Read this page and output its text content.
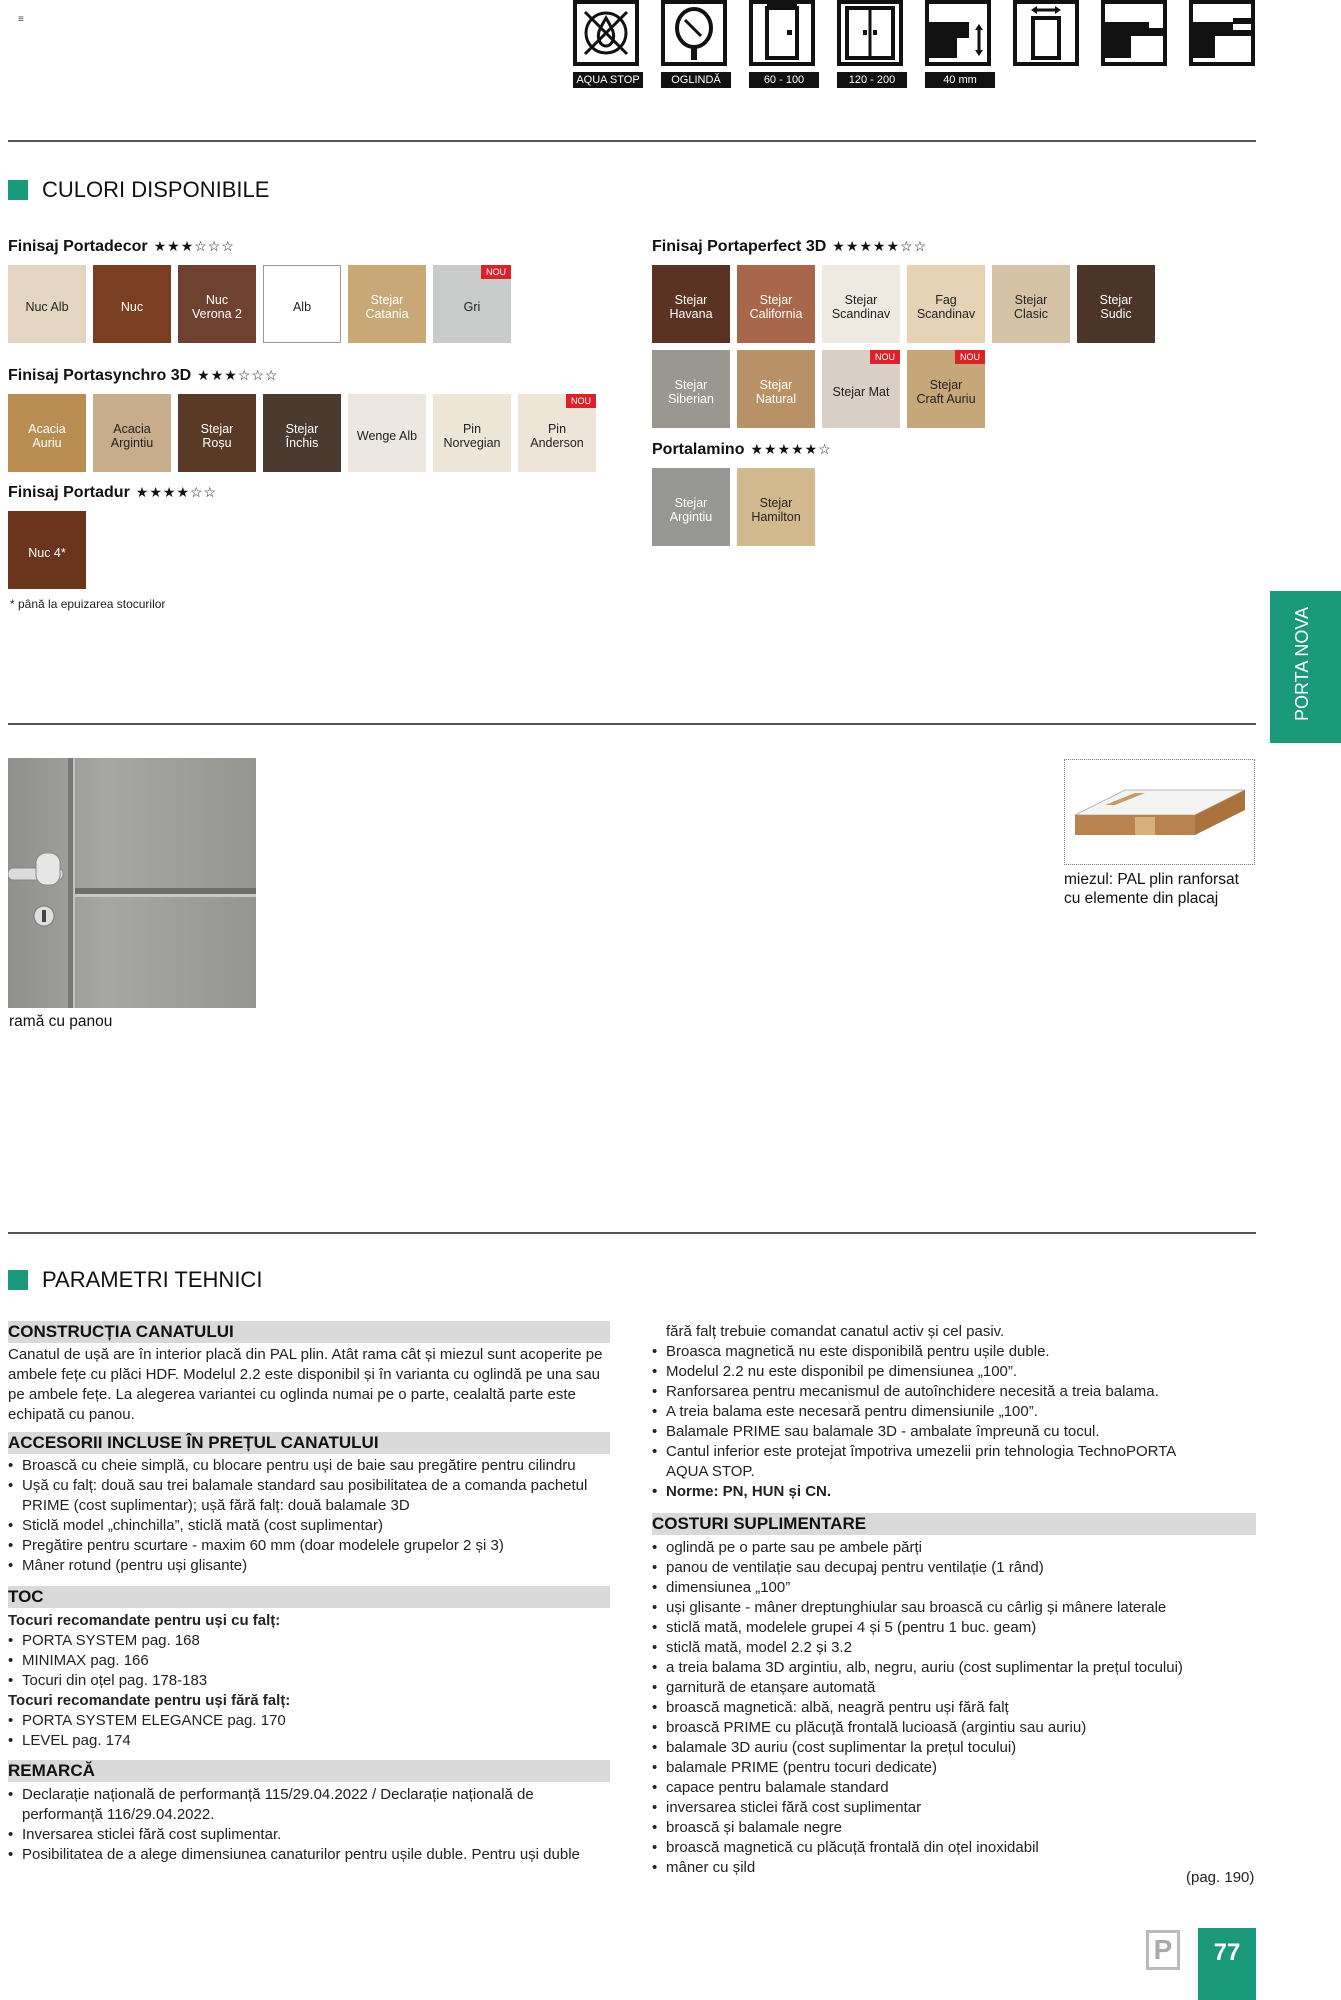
≡
AQUA STOP	OGLINDĂ	60 - 100	120 - 200	40 mm
CULORI DISPONIBILE
Finisaj Portadecor ★★★☆☆☆
Nuc Alb	Nuc	Nuc Verona 2	Alb	Stejar Catania	Gri
NOU
Finisaj Portasynchro 3D ★★★☆☆☆
Acacia Auriu
Acacia Argintiu
Stejar Roșu
Stejar Închis	Wenge Alb	Pin Norvegian
Pin Anderson
NOU
Finisaj Portadur ★★★★☆☆
Nuc 4*
Finisaj Portaperfect 3D ★★★★★☆☆
Stejar Havana
Stejar California
Stejar Scandinav
Fag Scandinav
Stejar Clasic
Stejar Sudic
Stejar Siberian
Stejar Natural	Stejar Mat
NOU
Stejar Craft Auriu
NOU
Portalamino ★★★★★☆
Stejar Argintiu
Stejar Hamilton
* până la epuizarea stocurilor
PORTA NOVA
ramă cu panou
miezul: PAL plin ranforsat
cu elemente din placaj
PARAMETRI TEHNICI
CONSTRUCȚIA CANATULUI
Canatul de ușă are în interior placă din PAL plin. Atât rama cât și miezul sunt acoperite pe
ambele fețe cu plăci HDF. Modelul 2.2 este disponibil și în varianta cu oglindă pe una sau
pe ambele fețe. La alegerea variantei cu oglinda numai pe o parte, cealaltă parte este
echipată cu panou.
ACCESORII INCLUSE ÎN PREȚUL CANATULUI
• Broască cu cheie simplă, cu blocare pentru uși de baie sau pregătire pentru cilindru
• Ușă cu falț: două sau trei balamale standard sau posibilitatea de a comanda pachetul
PRIME (cost suplimentar); ușă fără falț: două balamale 3D
• Sticlă model „chinchilla”, sticlă mată (cost suplimentar)
• Pregătire pentru scurtare - maxim 60 mm (doar modelele grupelor 2 și 3)
• Mâner rotund (pentru uși glisante)
TOC
Tocuri recomandate pentru uși cu falț:
• PORTA SYSTEM pag. 168
• MINIMAX pag. 166
• Tocuri din oțel pag. 178-183
Tocuri recomandate pentru uși fără falț:
• PORTA SYSTEM ELEGANCE pag. 170
• LEVEL pag. 174
REMARCĂ
• Declarație națională de performanță 115/29.04.2022 / Declarație națională de
performanță 116/29.04.2022.
• Inversarea sticlei fără cost suplimentar.
• Posibilitatea de a alege dimensiunea canaturilor pentru ușile duble. Pentru uși duble
fără falț trebuie comandat canatul activ și cel pasiv.
• Broasca magnetică nu este disponibilă pentru ușile duble.
• Modelul 2.2 nu este disponibil pe dimensiunea „100”.
• Ranforsarea pentru mecanismul de autoînchidere necesită a treia balama.
• A treia balama este necesară pentru dimensiunile „100”.
• Balamale PRIME sau balamale 3D - ambalate împreună cu tocul.
• Cantul inferior este protejat împotriva umezelii prin tehnologia TechnoPORTA
AQUA STOP.
• Norme: PN, HUN și CN.
COSTURI SUPLIMENTARE
• oglindă pe o parte sau pe ambele părți
• panou de ventilație sau decupaj pentru ventilație (1 rând)
• dimensiunea „100”
• uși glisante - mâner dreptunghiular sau broască cu cârlig și mânere laterale
• sticlă mată, modelele grupei 4 și 5 (pentru 1 buc. geam)
• sticlă mată, model 2.2 și 3.2
• a treia balama 3D argintiu, alb, negru, auriu (cost suplimentar la prețul tocului)
• garnitură de etanșare automată
• broască magnetică: albă, neagră pentru uși fără falț
• broască PRIME cu plăcuță frontală lucioasă (argintiu sau auriu)
• balamale 3D auriu (cost suplimentar la prețul tocului)
• balamale PRIME (pentru tocuri dedicate)
• capace pentru balamale standard
• inversarea sticlei fără cost suplimentar
• broască și balamale negre
• broască magnetică cu plăcuță frontală din oțel inoxidabil
• mâner cu șild
(pag. 190)
P	77
